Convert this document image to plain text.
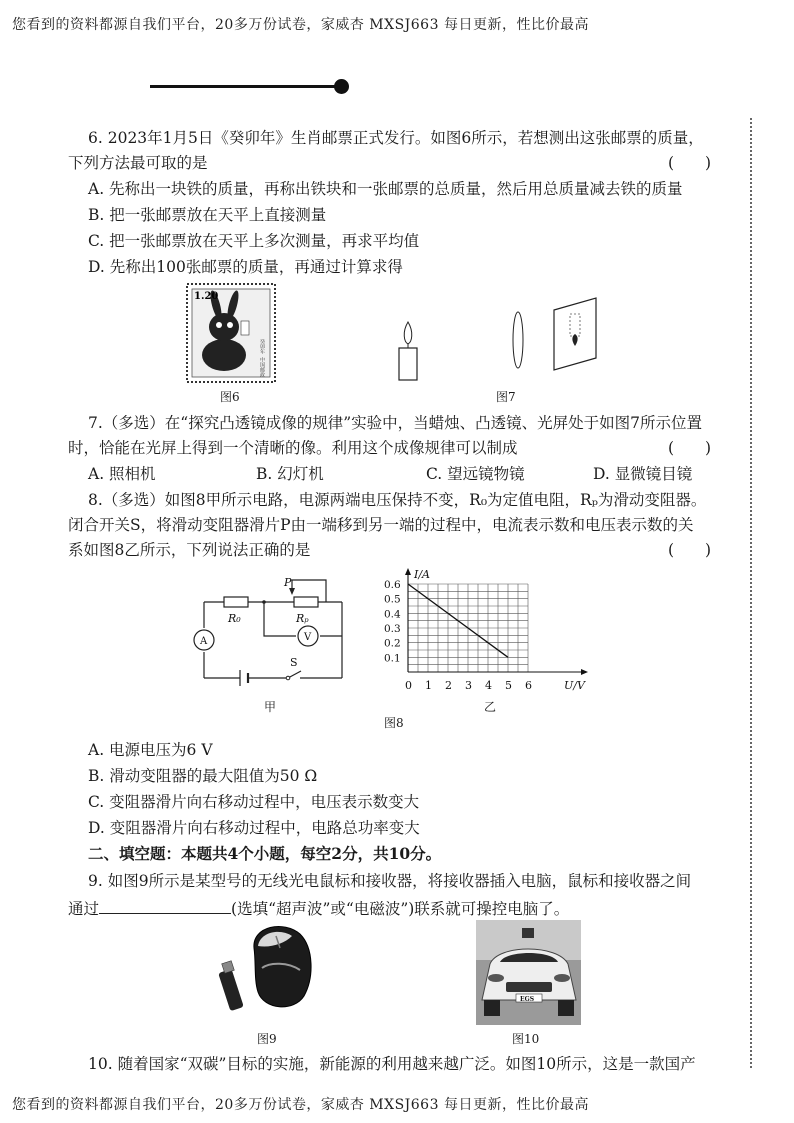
您看到的资料都源自我们平台，20多万份试卷，家威杏 MXSJ663 每日更新，性比价最高
6. 2023年1月5日《癸卯年》生肖邮票正式发行。如图6所示，若想测出这张邮票的质量，
下列方法最可取的是	(　　)
A. 先称出一块铁的质量，再称出铁块和一张邮票的总质量，然后用总质量减去铁的质量
B. 把一张邮票放在天平上直接测量
C. 把一张邮票放在天平上多次测量，再求平均值
D. 先称出100张邮票的质量，再通过计算求得
1.20
癸卯年
中国邮政
图6	图7
7.（多选）在“探究凸透镜成像的规律”实验中，当蜡烛、凸透镜、光屏处于如图7所示位置
时，恰能在光屏上得到一个清晰的像。利用这个成像规律可以制成	(　　)
A. 照相机	B. 幻灯机	C. 望远镜物镜	D. 显微镜目镜
8.（多选）如图8甲所示电路，电源两端电压保持不变，R₀为定值电阻，Rₚ为滑动变阻器。
闭合开关S，将滑动变阻器滑片P由一端移到另一端的过程中，电流表示数和电压表示数的关
系如图8乙所示，下列说法正确的是	(　　)
A	V
R₀	Rₚ
P
S
甲
0 1 2 3 4 5 6
0.1
0.2
0.3
0.4
0.5
0.6
I/A
U/V
乙
图8
A. 电源电压为6 V
B. 滑动变阻器的最大阻值为50 Ω
C. 变阻器滑片向右移动过程中，电压表示数变大
D. 变阻器滑片向右移动过程中，电路总功率变大
二、填空题：本题共4个小题，每空2分，共10分。
9. 如图9所示是某型号的无线光电鼠标和接收器，将接收器插入电脑，鼠标和接收器之间
通过	(选填“超声波”或“电磁波”)联系就可操控电脑了。
图9
EGS
图10
10. 随着国家“双碳”目标的实施，新能源的利用越来越广泛。如图10所示，这是一款国产
您看到的资料都源自我们平台，20多万份试卷，家威杏 MXSJ663 每日更新，性比价最高
